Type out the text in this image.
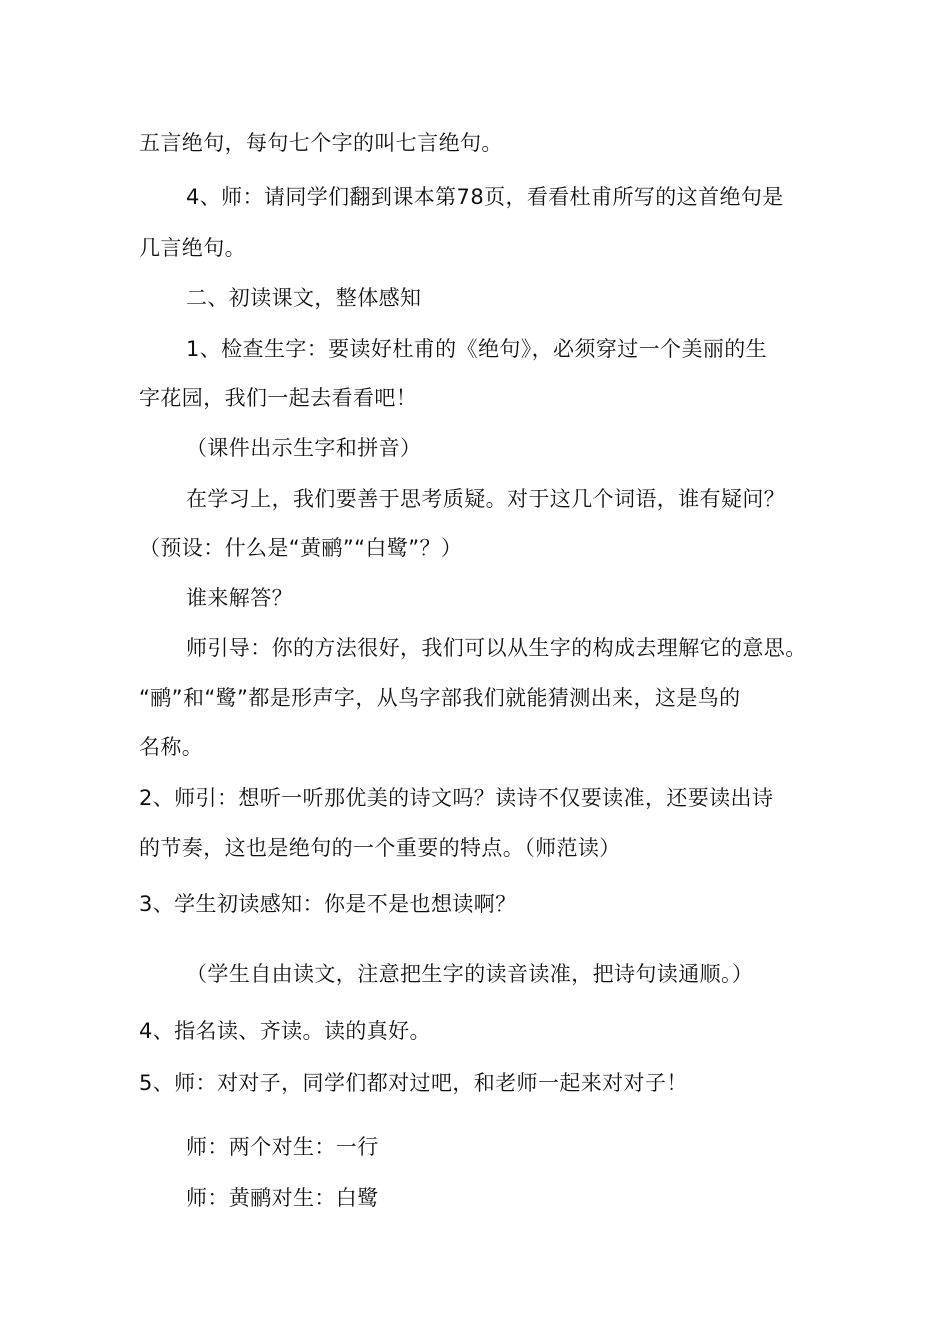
五言绝句，每句七个字的叫七言绝句。
4、师：请同学们翻到课本第78页，看看杜甫所写的这首绝句是
几言绝句。
二、初读课文，整体感知
1、检查生字：要读好杜甫的《绝句》，必须穿过一个美丽的生
字花园，我们一起去看看吧！
（课件出示生字和拼音）
在学习上，我们要善于思考质疑。对于这几个词语，谁有疑问？
（预设：什么是“黄鹂”“白鹭”？）
谁来解答？
师引导：你的方法很好，我们可以从生字的构成去理解它的意思。
“鹂”和“鹭”都是形声字，从鸟字部我们就能猜测出来，这是鸟的
名称。
2、师引：想听一听那优美的诗文吗？读诗不仅要读准，还要读出诗
的节奏，这也是绝句的一个重要的特点。（师范读）
3、学生初读感知：你是不是也想读啊？
（学生自由读文，注意把生字的读音读准，把诗句读通顺。）
4、指名读、齐读。读的真好。
5、师：对对子，同学们都对过吧，和老师一起来对对子！
师：两个对生：一行
师：黄鹂对生：白鹭
